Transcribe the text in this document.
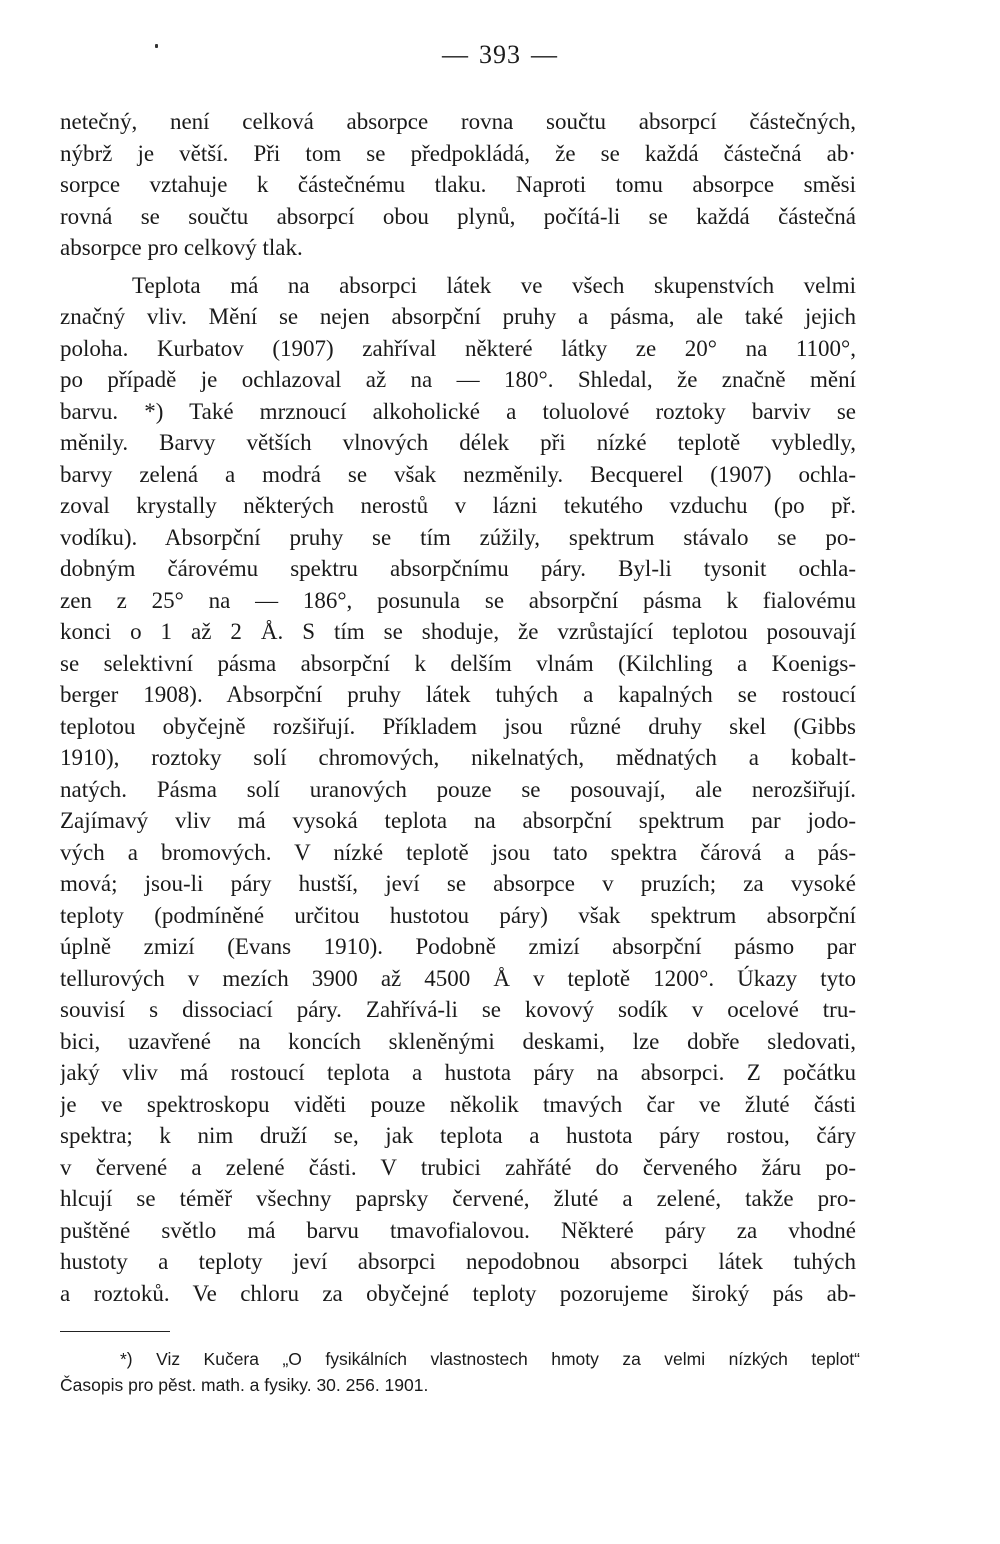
— 393 —
netečný, není celková absorpce rovna součtu absorpcí částečných,
nýbrž je větší. Při tom se předpokládá, že se každá částečná ab·
sorpce vztahuje k částečnému tlaku. Naproti tomu absorpce směsi
rovná se součtu absorpcí obou plynů, počítá-li se každá částečná
absorpce pro celkový tlak.
Teplota má na absorpci látek ve všech skupenstvích velmi
značný vliv. Mění se nejen absorpční pruhy a pásma, ale také jejich
poloha. Kurbatov (1907) zahříval některé látky ze 20° na 1100°,
po případě je ochlazoval až na — 180°. Shledal, že značně mění
barvu. *) Také mrznoucí alkoholické a toluolové roztoky barviv se
měnily. Barvy větších vlnových délek při nízké teplotě vybledly,
barvy zelená a modrá se však nezměnily. Becquerel (1907) ochla-
zoval krystally některých nerostů v lázni tekutého vzduchu (po př.
vodíku). Absorpční pruhy se tím zúžily, spektrum stávalo se po-
dobným čárovému spektru absorpčnímu páry. Byl-li tysonit ochla-
zen z 25° na — 186°, posunula se absorpční pásma k fialovému
konci o 1 až 2 Å. S tím se shoduje, že vzrůstající teplotou posouvají
se selektivní pásma absorpční k delším vlnám (Kilchling a Koenigs-
berger 1908). Absorpční pruhy látek tuhých a kapalných se rostoucí
teplotou obyčejně rozšiřují. Příkladem jsou různé druhy skel (Gibbs
1910), roztoky solí chromových, nikelnatých, mědnatých a kobalt-
natých. Pásma solí uranových pouze se posouvají, ale nerozšiřují.
Zajímavý vliv má vysoká teplota na absorpční spektrum par jodo-
vých a bromových. V nízké teplotě jsou tato spektra čárová a pás-
mová; jsou-li páry hustší, jeví se absorpce v pruzích; za vysoké
teploty (podmíněné určitou hustotou páry) však spektrum absorpční
úplně zmizí (Evans 1910). Podobně zmizí absorpční pásmo par
tellurových v mezích 3900 až 4500 Å v teplotě 1200°. Úkazy tyto
souvisí s dissociací páry. Zahřívá-li se kovový sodík v ocelové tru-
bici, uzavřené na koncích skleněnými deskami, lze dobře sledovati,
jaký vliv má rostoucí teplota a hustota páry na absorpci. Z počátku
je ve spektroskopu viděti pouze několik tmavých čar ve žluté části
spektra; k nim druží se, jak teplota a hustota páry rostou, čáry
v červené a zelené části. V trubici zahřáté do červeného žáru po-
hlcují se téměř všechny paprsky červené, žluté a zelené, takže pro-
puštěné světlo má barvu tmavofialovou. Některé páry za vhodné
hustoty a teploty jeví absorpci nepodobnou absorpci látek tuhých
a roztoků. Ve chloru za obyčejné teploty pozorujeme široký pás ab-
*) Viz Kučera „O fysikálních vlastnostech hmoty za velmi nízkých teplot“
Časopis pro pěst. math. a fysiky. 30. 256. 1901.
